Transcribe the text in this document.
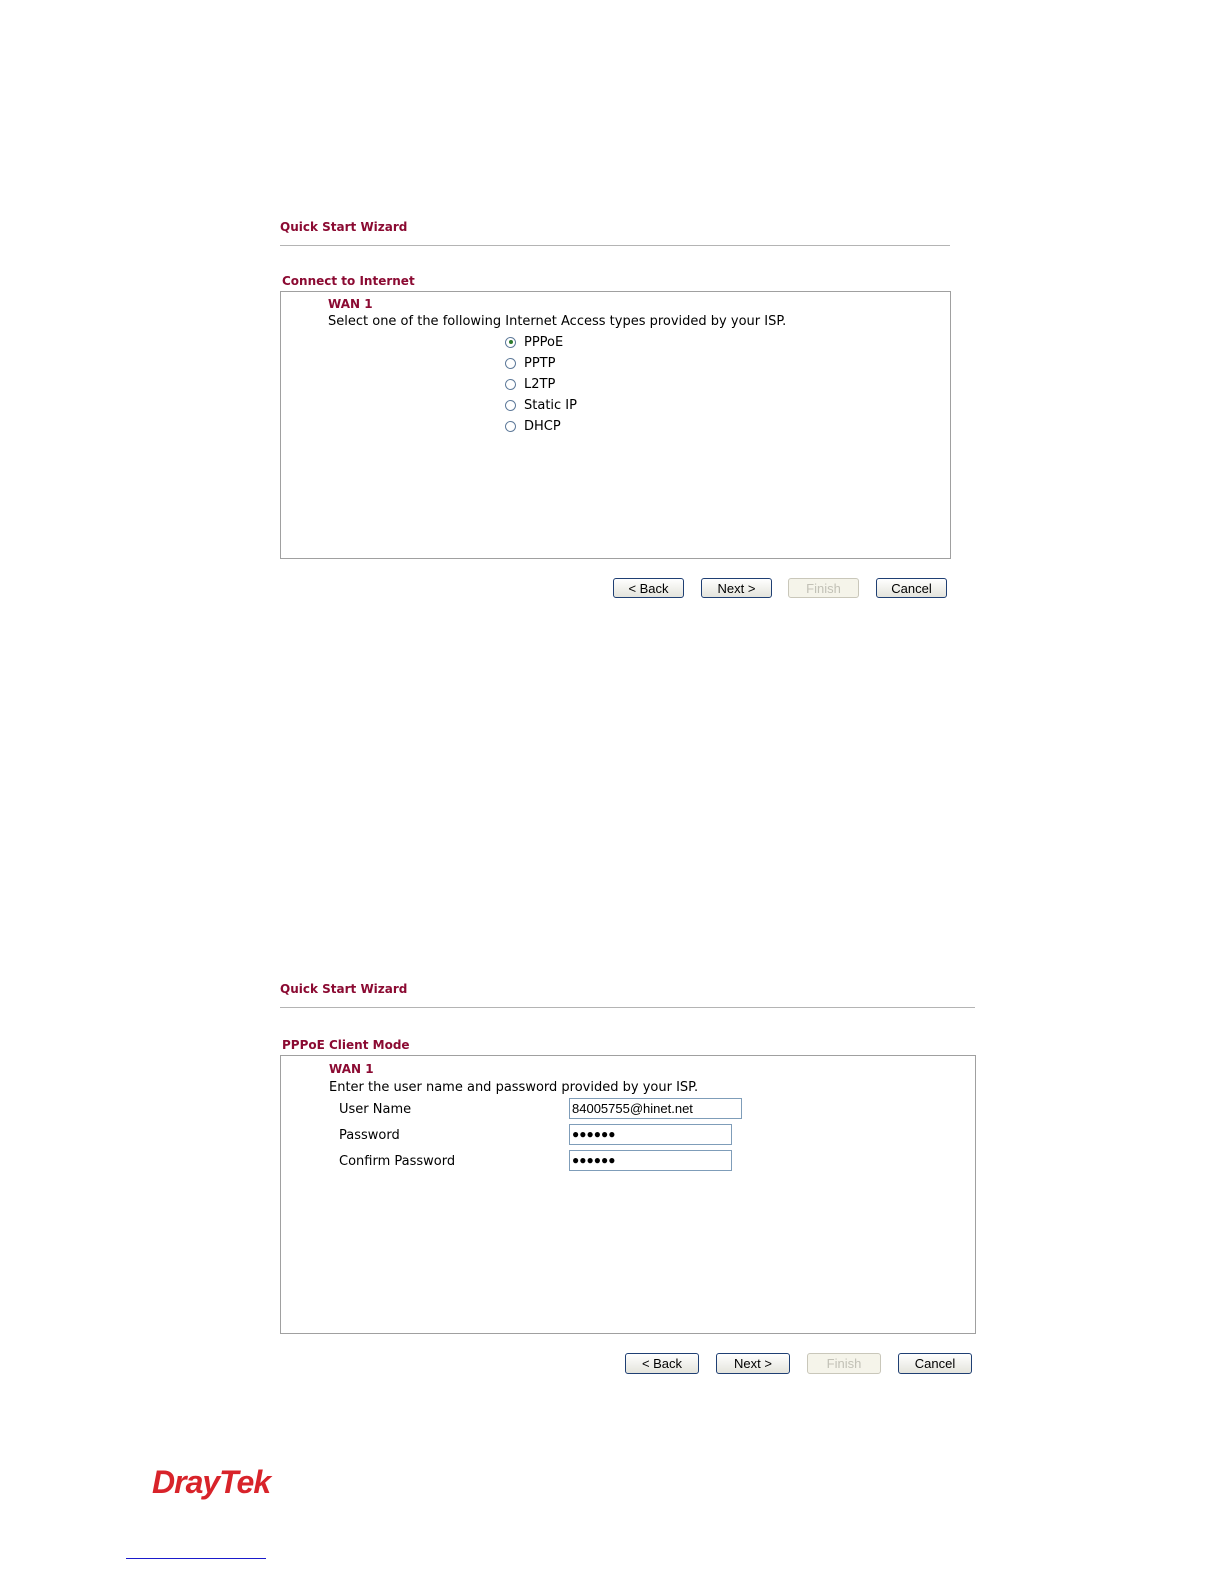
Quick Start Wizard
Connect to Internet
WAN 1
Select one of the following Internet Access types provided by your ISP.
PPPoE
PPTP
L2TP
Static IP
DHCP
< Back	Next >	Finish	Cancel
Quick Start Wizard
PPPoE Client Mode
WAN 1
Enter the user name and password provided by your ISP.
User Name	84005755@hinet.net
Password	●●●●●●
Confirm Password	●●●●●●
< Back	Next >	Finish	Cancel
DrayTek
